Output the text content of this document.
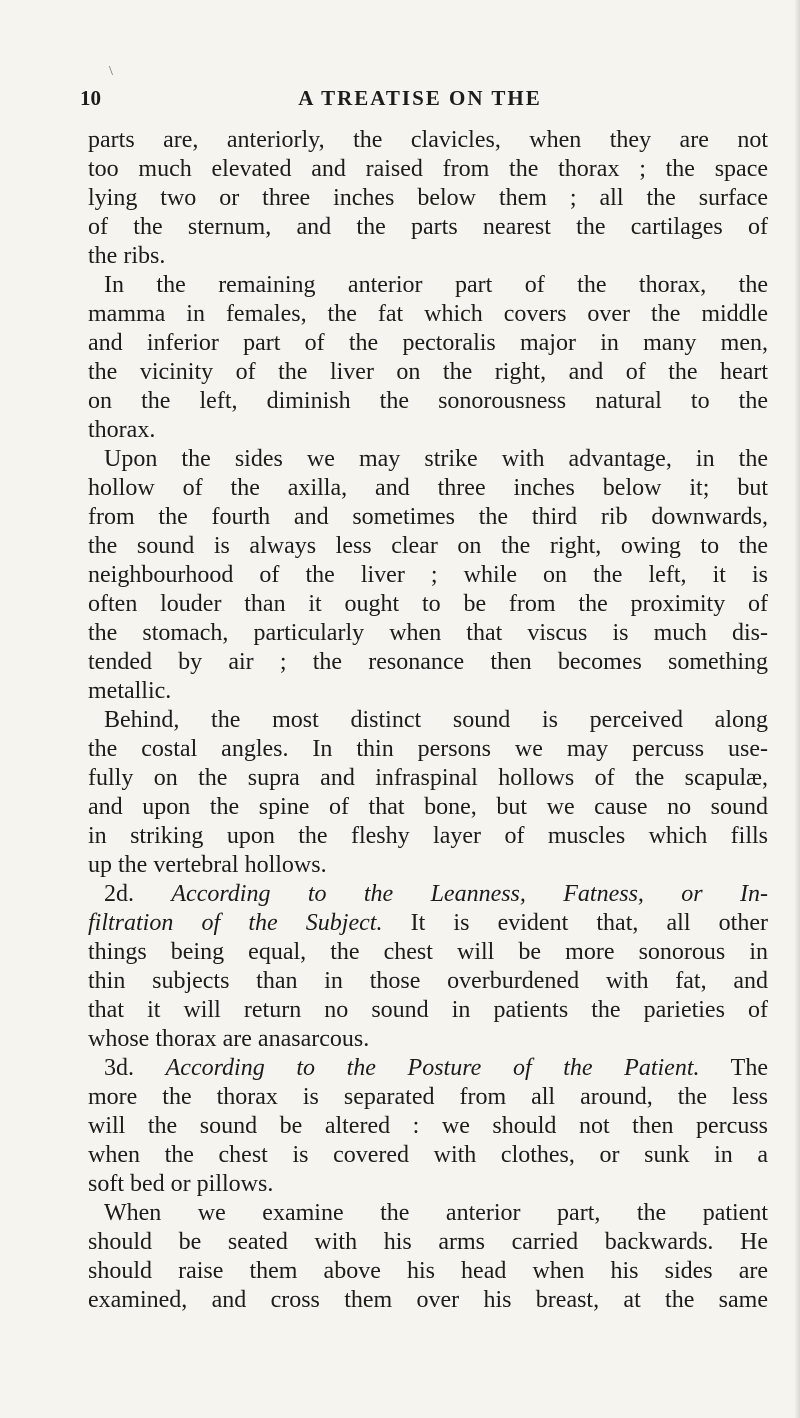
\
10	A TREATISE ON THE
parts are, anteriorly, the clavicles, when they are not
too much elevated and raised from the thorax ; the space
lying two or three inches below them ; all the surface
of the sternum, and the parts nearest the cartilages of
the ribs.
In the remaining anterior part of the thorax, the
mamma in females, the fat which covers over the middle
and inferior part of the pectoralis major in many men,
the vicinity of the liver on the right, and of the heart
on the left, diminish the sonorousness natural to the
thorax.
Upon the sides we may strike with advantage, in the
hollow of the axilla, and three inches below it; but
from the fourth and sometimes the third rib downwards,
the sound is always less clear on the right, owing to the
neighbourhood of the liver ; while on the left, it is
often louder than it ought to be from the proximity of
the stomach, particularly when that viscus is much dis-
tended by air ; the resonance then becomes something
metallic.
Behind, the most distinct sound is perceived along
the costal angles. In thin persons we may percuss use-
fully on the supra and infraspinal hollows of the scapulæ,
and upon the spine of that bone, but we cause no sound
in striking upon the fleshy layer of muscles which fills
up the vertebral hollows.
2d. According to the Leanness, Fatness, or In-
filtration of the Subject. It is evident that, all other
things being equal, the chest will be more sonorous in
thin subjects than in those overburdened with fat, and
that it will return no sound in patients the parieties of
whose thorax are anasarcous.
3d. According to the Posture of the Patient. The
more the thorax is separated from all around, the less
will the sound be altered : we should not then percuss
when the chest is covered with clothes, or sunk in a
soft bed or pillows.
When we examine the anterior part, the patient
should be seated with his arms carried backwards. He
should raise them above his head when his sides are
examined, and cross them over his breast, at the same
